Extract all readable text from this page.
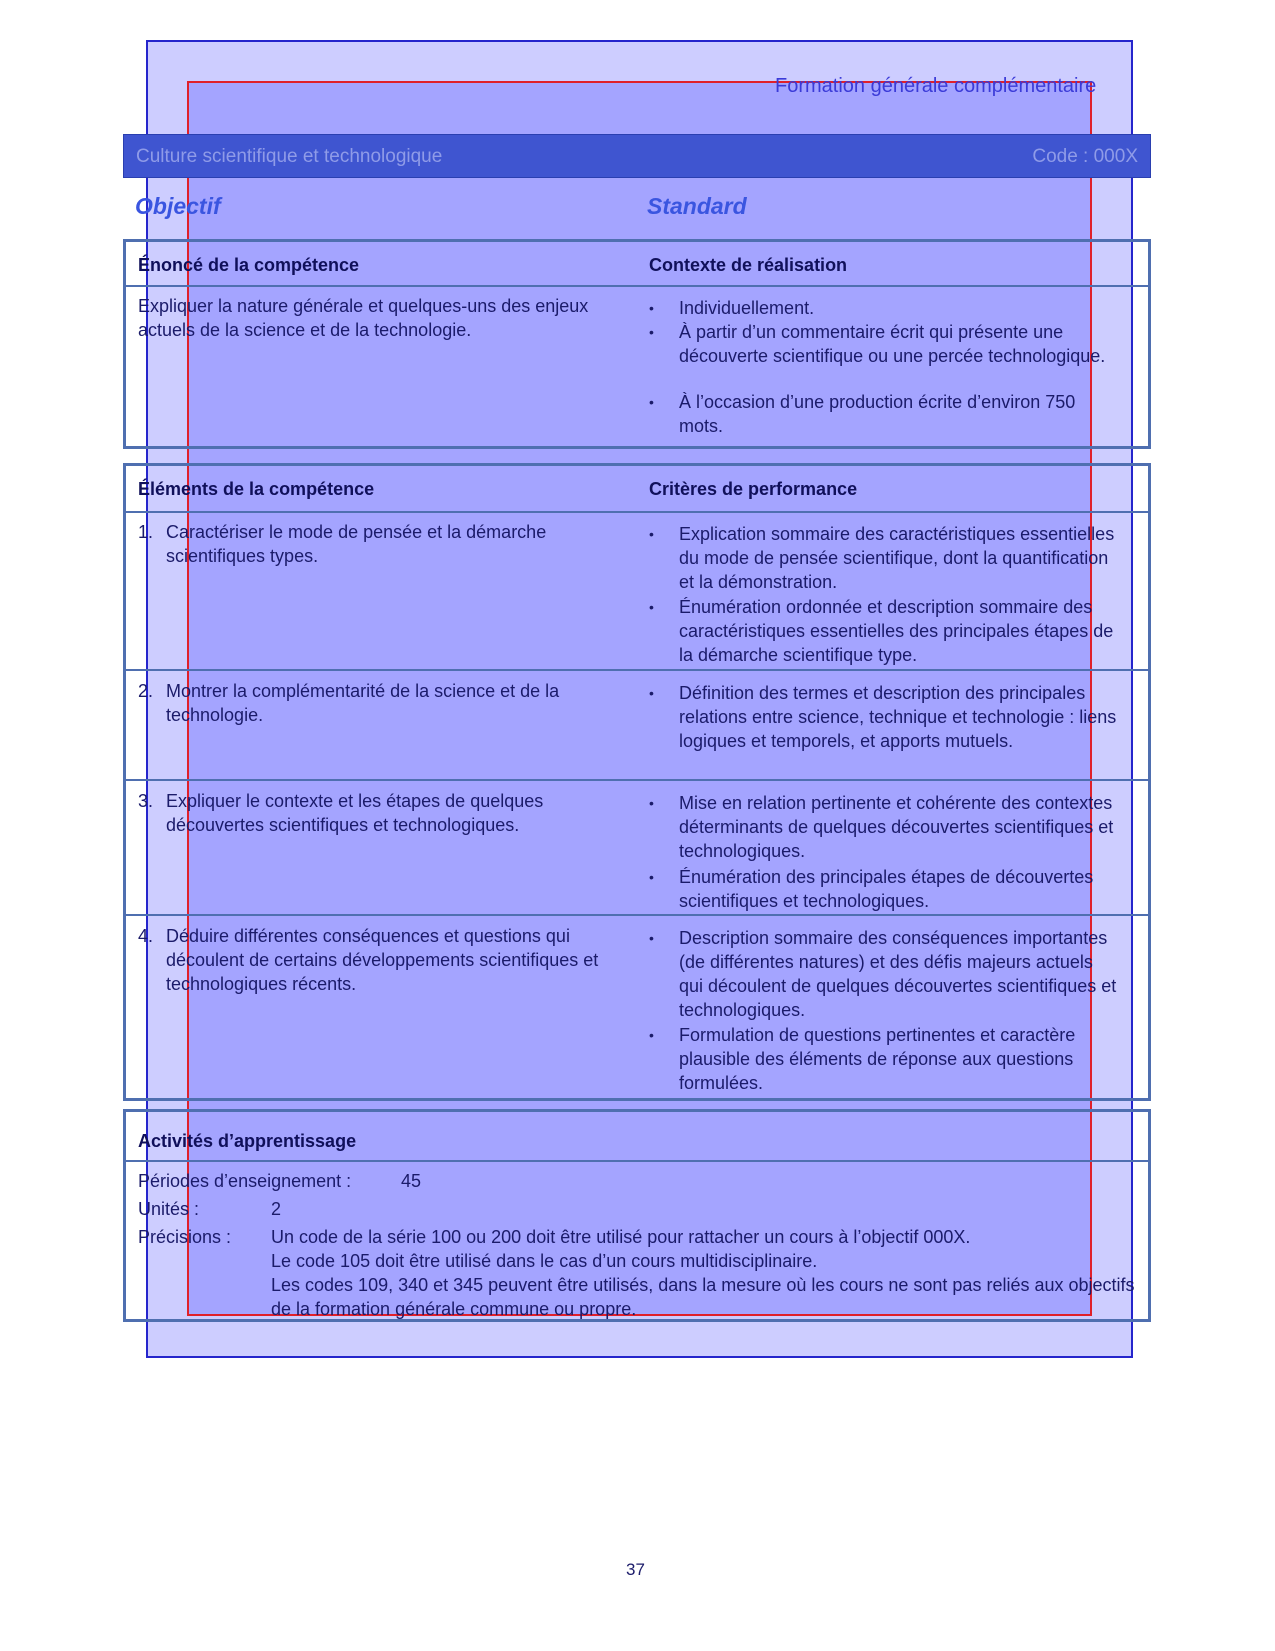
Formation générale complémentaire
Culture scientifique et technologique	Code : 000X
Objectif	Standard
Énoncé de la compétence	Contexte de réalisation
Expliquer la nature générale et quelques-uns des enjeux actuels de la science et de la technologie.
• Individuellement.
• À partir d’un commentaire écrit qui présente une découverte scientifique ou une percée technologique.
• À l’occasion d’une production écrite d’environ 750 mots.
Éléments de la compétence	Critères de performance
1. Caractériser le mode de pensée et la démarche scientifiques types.
• Explication sommaire des caractéristiques essentielles du mode de pensée scientifique, dont la quantification et la démonstration.
• Énumération ordonnée et description sommaire des caractéristiques essentielles des principales étapes de la démarche scientifique type.
2. Montrer la complémentarité de la science et de la technologie.
• Définition des termes et description des principales relations entre science, technique et technologie : liens logiques et temporels, et apports mutuels.
3. Expliquer le contexte et les étapes de quelques découvertes scientifiques et technologiques.
• Mise en relation pertinente et cohérente des contextes déterminants de quelques découvertes scientifiques et technologiques.
• Énumération des principales étapes de découvertes scientifiques et technologiques.
4. Déduire différentes conséquences et questions qui découlent de certains développements scientifiques et technologiques récents.
• Description sommaire des conséquences importantes (de différentes natures) et des défis majeurs actuels qui découlent de quelques découvertes scientifiques et technologiques.
• Formulation de questions pertinentes et caractère plausible des éléments de réponse aux questions formulées.
Activités d’apprentissage
Périodes d’enseignement :	45
Unités :	2
Précisions : Un code de la série 100 ou 200 doit être utilisé pour rattacher un cours à l’objectif 000X.
Le code 105 doit être utilisé dans le cas d’un cours multidisciplinaire.
Les codes 109, 340 et 345 peuvent être utilisés, dans la mesure où les cours ne sont pas reliés aux objectifs de la formation générale commune ou propre.
37
